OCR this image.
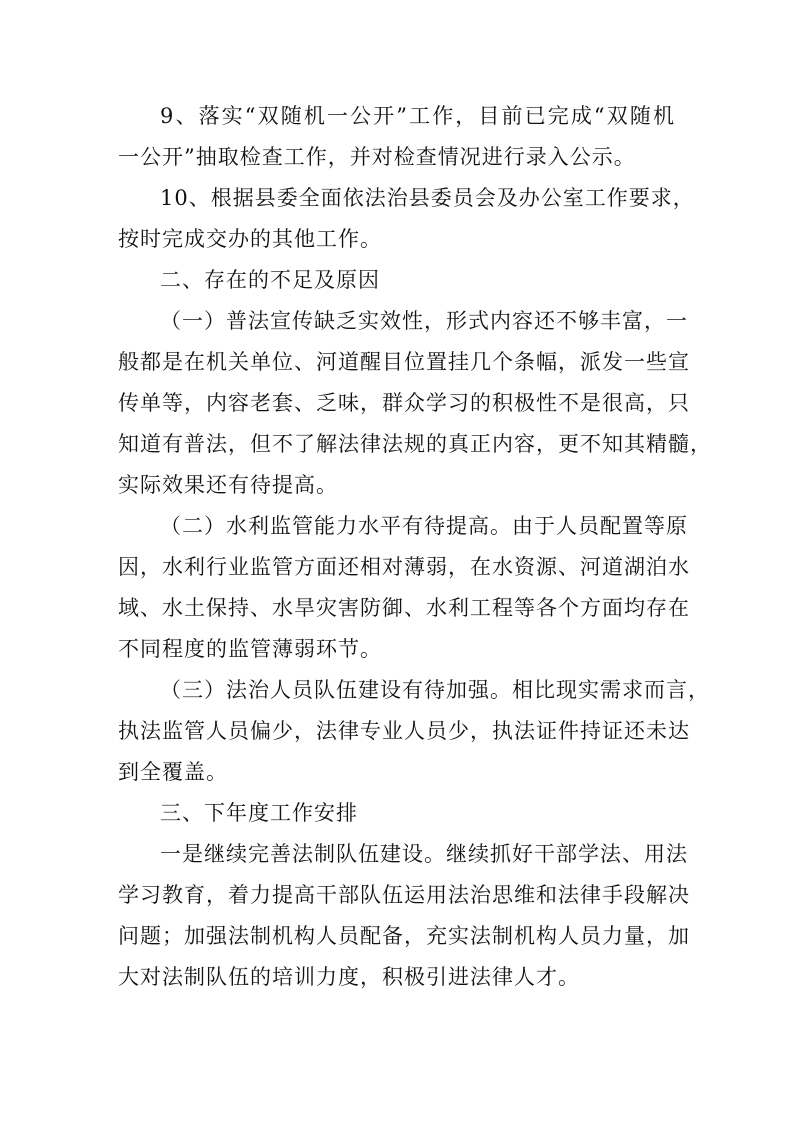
9、落实“双随机一公开”工作，目前已完成“双随机
一公开”抽取检查工作，并对检查情况进行录入公示。

10、根据县委全面依法治县委员会及办公室工作要求，
按时完成交办的其他工作。

二、存在的不足及原因

（一）普法宣传缺乏实效性，形式内容还不够丰富，一
般都是在机关单位、河道醒目位置挂几个条幅，派发一些宣
传单等，内容老套、乏味，群众学习的积极性不是很高，只
知道有普法，但不了解法律法规的真正内容，更不知其精髓，
实际效果还有待提高。

（二）水利监管能力水平有待提高。由于人员配置等原
因，水利行业监管方面还相对薄弱，在水资源、河道湖泊水
域、水土保持、水旱灾害防御、水利工程等各个方面均存在
不同程度的监管薄弱环节。

（三）法治人员队伍建设有待加强。相比现实需求而言，
执法监管人员偏少，法律专业人员少，执法证件持证还未达
到全覆盖。

三、下年度工作安排

一是继续完善法制队伍建设。继续抓好干部学法、用法
学习教育，着力提高干部队伍运用法治思维和法律手段解决
问题；加强法制机构人员配备，充实法制机构人员力量，加
大对法制队伍的培训力度，积极引进法律人才。
